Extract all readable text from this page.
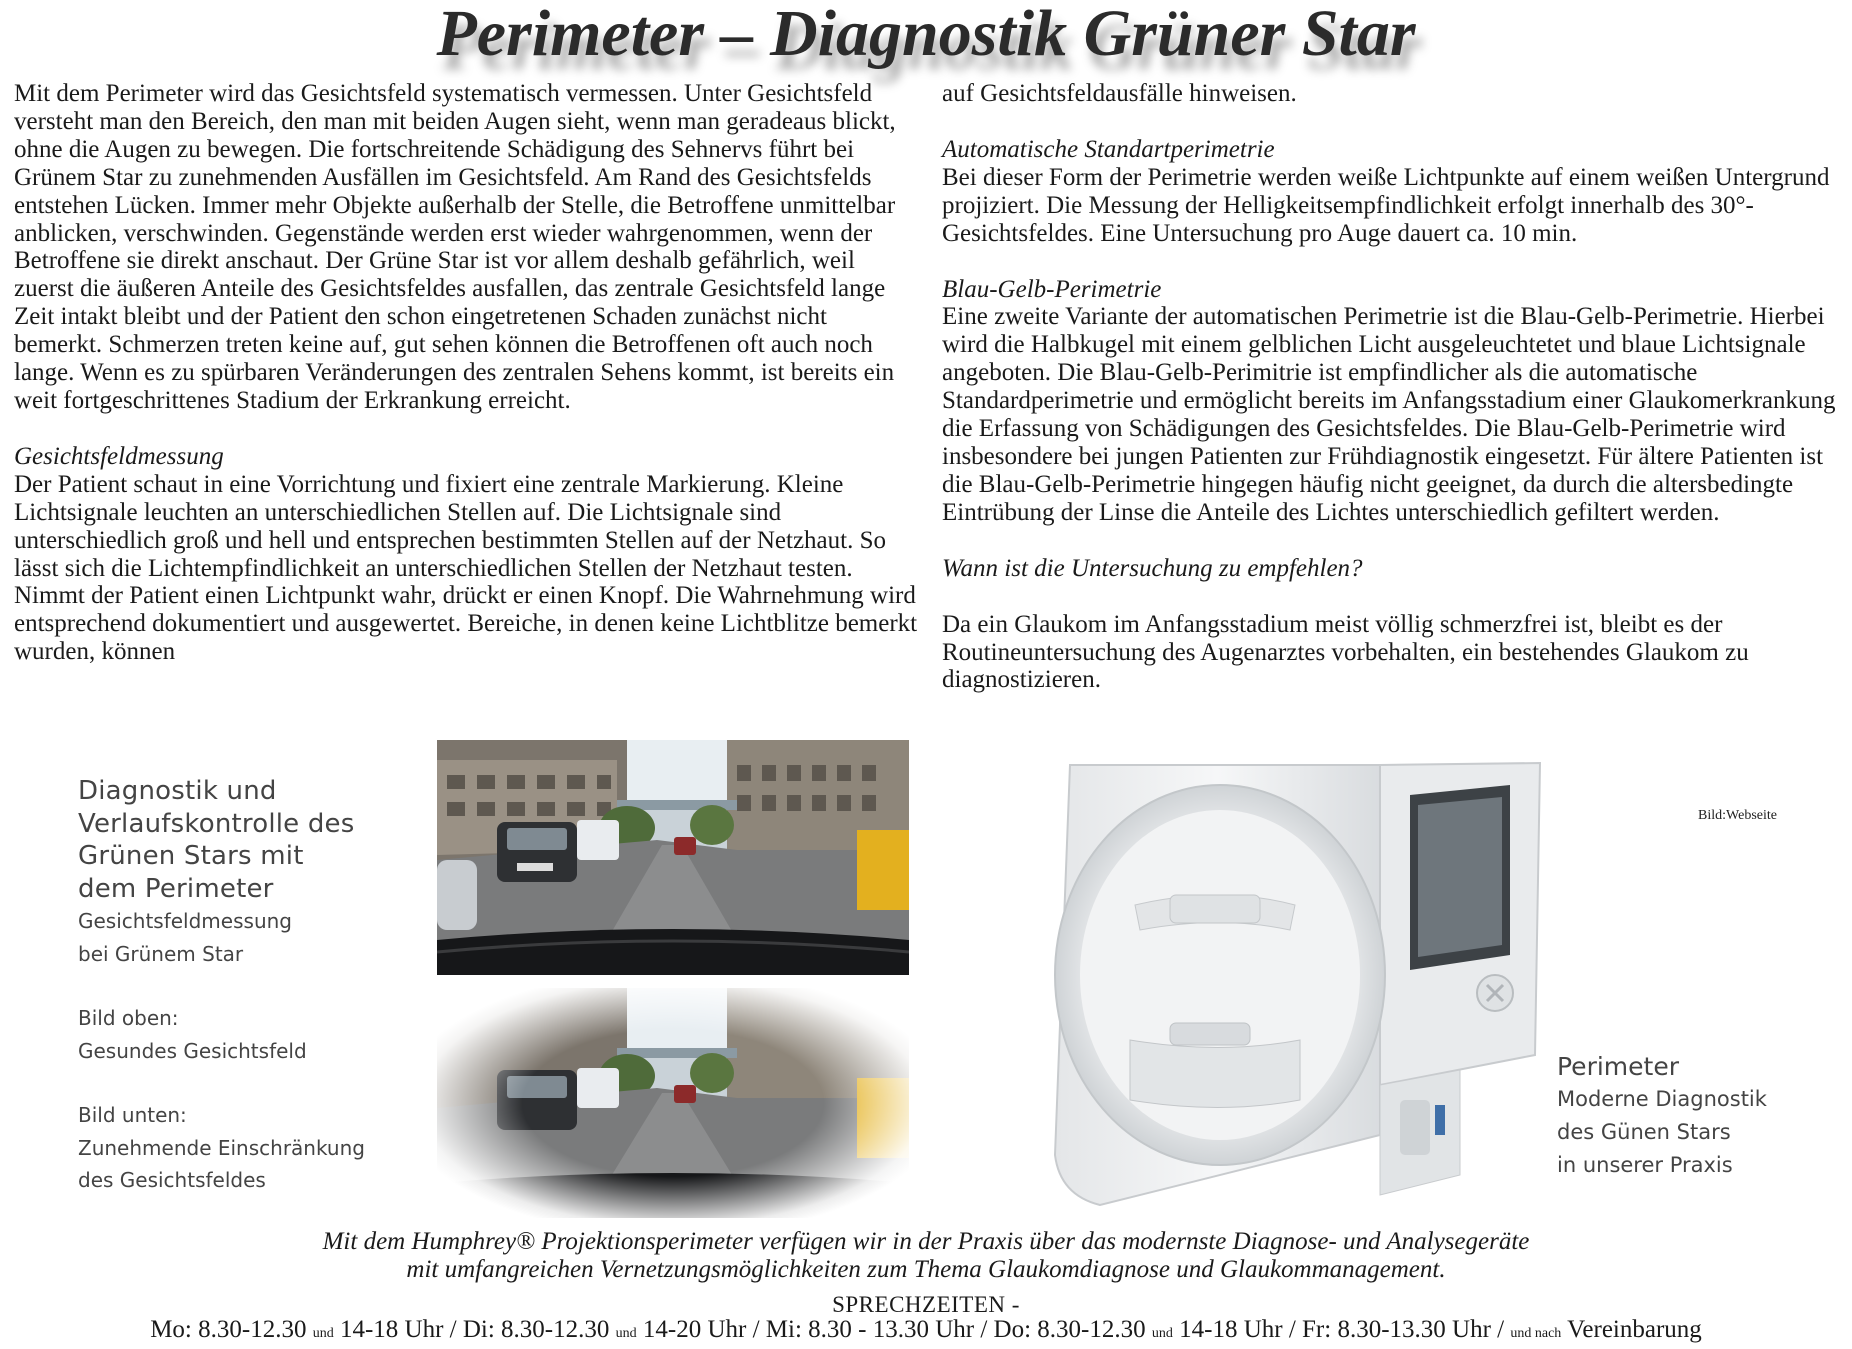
Perimeter – Diagnostik Grüner Star

Mit dem Perimeter wird das Gesichtsfeld systematisch vermessen. Unter Gesichtsfeld versteht man den Bereich, den man mit beiden Augen sieht, wenn man geradeaus blickt, ohne die Augen zu bewegen. Die fortschreitende Schädigung des Sehnervs führt bei Grünem Star zu zunehmenden Ausfällen im Gesichtsfeld. Am Rand des Gesichtsfelds entstehen Lücken. Immer mehr Objekte außerhalb der Stelle, die Betroffene unmittelbar anblicken, verschwinden. Gegenstände werden erst wieder wahrgenommen, wenn der Betroffene sie direkt anschaut. Der Grüne Star ist vor allem deshalb gefährlich, weil zuerst die äußeren Anteile des Gesichtsfeldes ausfallen, das zentrale Gesichtsfeld lange Zeit intakt bleibt und der Patient den schon eingetretenen Schaden zunächst nicht bemerkt. Schmerzen treten keine auf, gut sehen können die Betroffenen oft auch noch lange. Wenn es zu spürbaren Veränderungen des zentralen Sehens kommt, ist bereits ein weit fortgeschrittenes Stadium der Erkrankung erreicht.

Gesichtsfeldmessung

Der Patient schaut in eine Vorrichtung und fixiert eine zentrale Markierung. Kleine Lichtsignale leuchten an unterschiedlichen Stellen auf. Die Lichtsignale sind unterschiedlich groß und hell und entsprechen bestimmten Stellen auf der Netzhaut. So lässt sich die Lichtempfindlichkeit an unterschiedlichen Stellen der Netzhaut testen. Nimmt der Patient einen Lichtpunkt wahr, drückt er einen Knopf. Die Wahrnehmung wird entsprechend dokumentiert und ausgewertet. Bereiche, in denen keine Lichtblitze bemerkt wurden, können

auf Gesichtsfeldausfälle hinweisen.

Automatische Standartperimetrie

Bei dieser Form der Perimetrie werden weiße Lichtpunkte auf einem weißen Untergrund projiziert. Die Messung der Helligkeitsempfindlichkeit erfolgt innerhalb des 30°-Gesichtsfeldes. Eine Untersuchung pro Auge dauert ca. 10 min.

Blau-Gelb-Perimetrie

Eine zweite Variante der automatischen Perimetrie ist die Blau-Gelb-Perimetrie. Hierbei wird die Halbkugel mit einem gelblichen Licht ausgeleuchtetet und blaue Lichtsignale angeboten. Die Blau-Gelb-Perimitrie ist empfindlicher als die automatische Standardperimetrie und ermöglicht bereits im Anfangsstadium einer Glaukomerkrankung die Erfassung von Schädigungen des Gesichtsfeldes. Die Blau-Gelb-Perimetrie wird insbesondere bei jungen Patienten zur Frühdiagnostik eingesetzt. Für ältere Patienten ist die Blau-Gelb-Perimetrie hingegen häufig nicht geeignet, da durch die altersbedingte Eintrübung der Linse die Anteile des Lichtes unterschiedlich gefiltert werden.

Wann ist die Untersuchung zu empfehlen?

Da ein Glaukom im Anfangsstadium meist völlig schmerzfrei ist, bleibt es der Routineuntersuchung des Augenarztes vorbehalten, ein bestehendes Glaukom zu diagnostizieren.

Diagnostik und
Verlaufskontrolle des
Grünen Stars mit
dem Perimeter
Gesichtsfeldmessung
bei Grünem Star
Bild oben:
Gesundes Gesichtsfeld
Bild unten:
Zunehmende Einschränkung
des Gesichtsfeldes
Bild:Webseite
Perimeter
Moderne Diagnostik
des Günen Stars
in unserer Praxis
Mit dem Humphrey® Projektionsperimeter verfügen wir in der Praxis über das modernste Diagnose- und Analysegeräte
mit umfangreichen Vernetzungsmöglichkeiten zum Thema Glaukomdiagnose und Glaukommanagement.
SPRECHZEITEN -
Mo: 8.30-12.30 und 14-18 Uhr / Di: 8.30-12.30 und 14-20 Uhr / Mi: 8.30 - 13.30 Uhr / Do: 8.30-12.30 und 14-18 Uhr / Fr: 8.30-13.30 Uhr / und nach Vereinbarung
